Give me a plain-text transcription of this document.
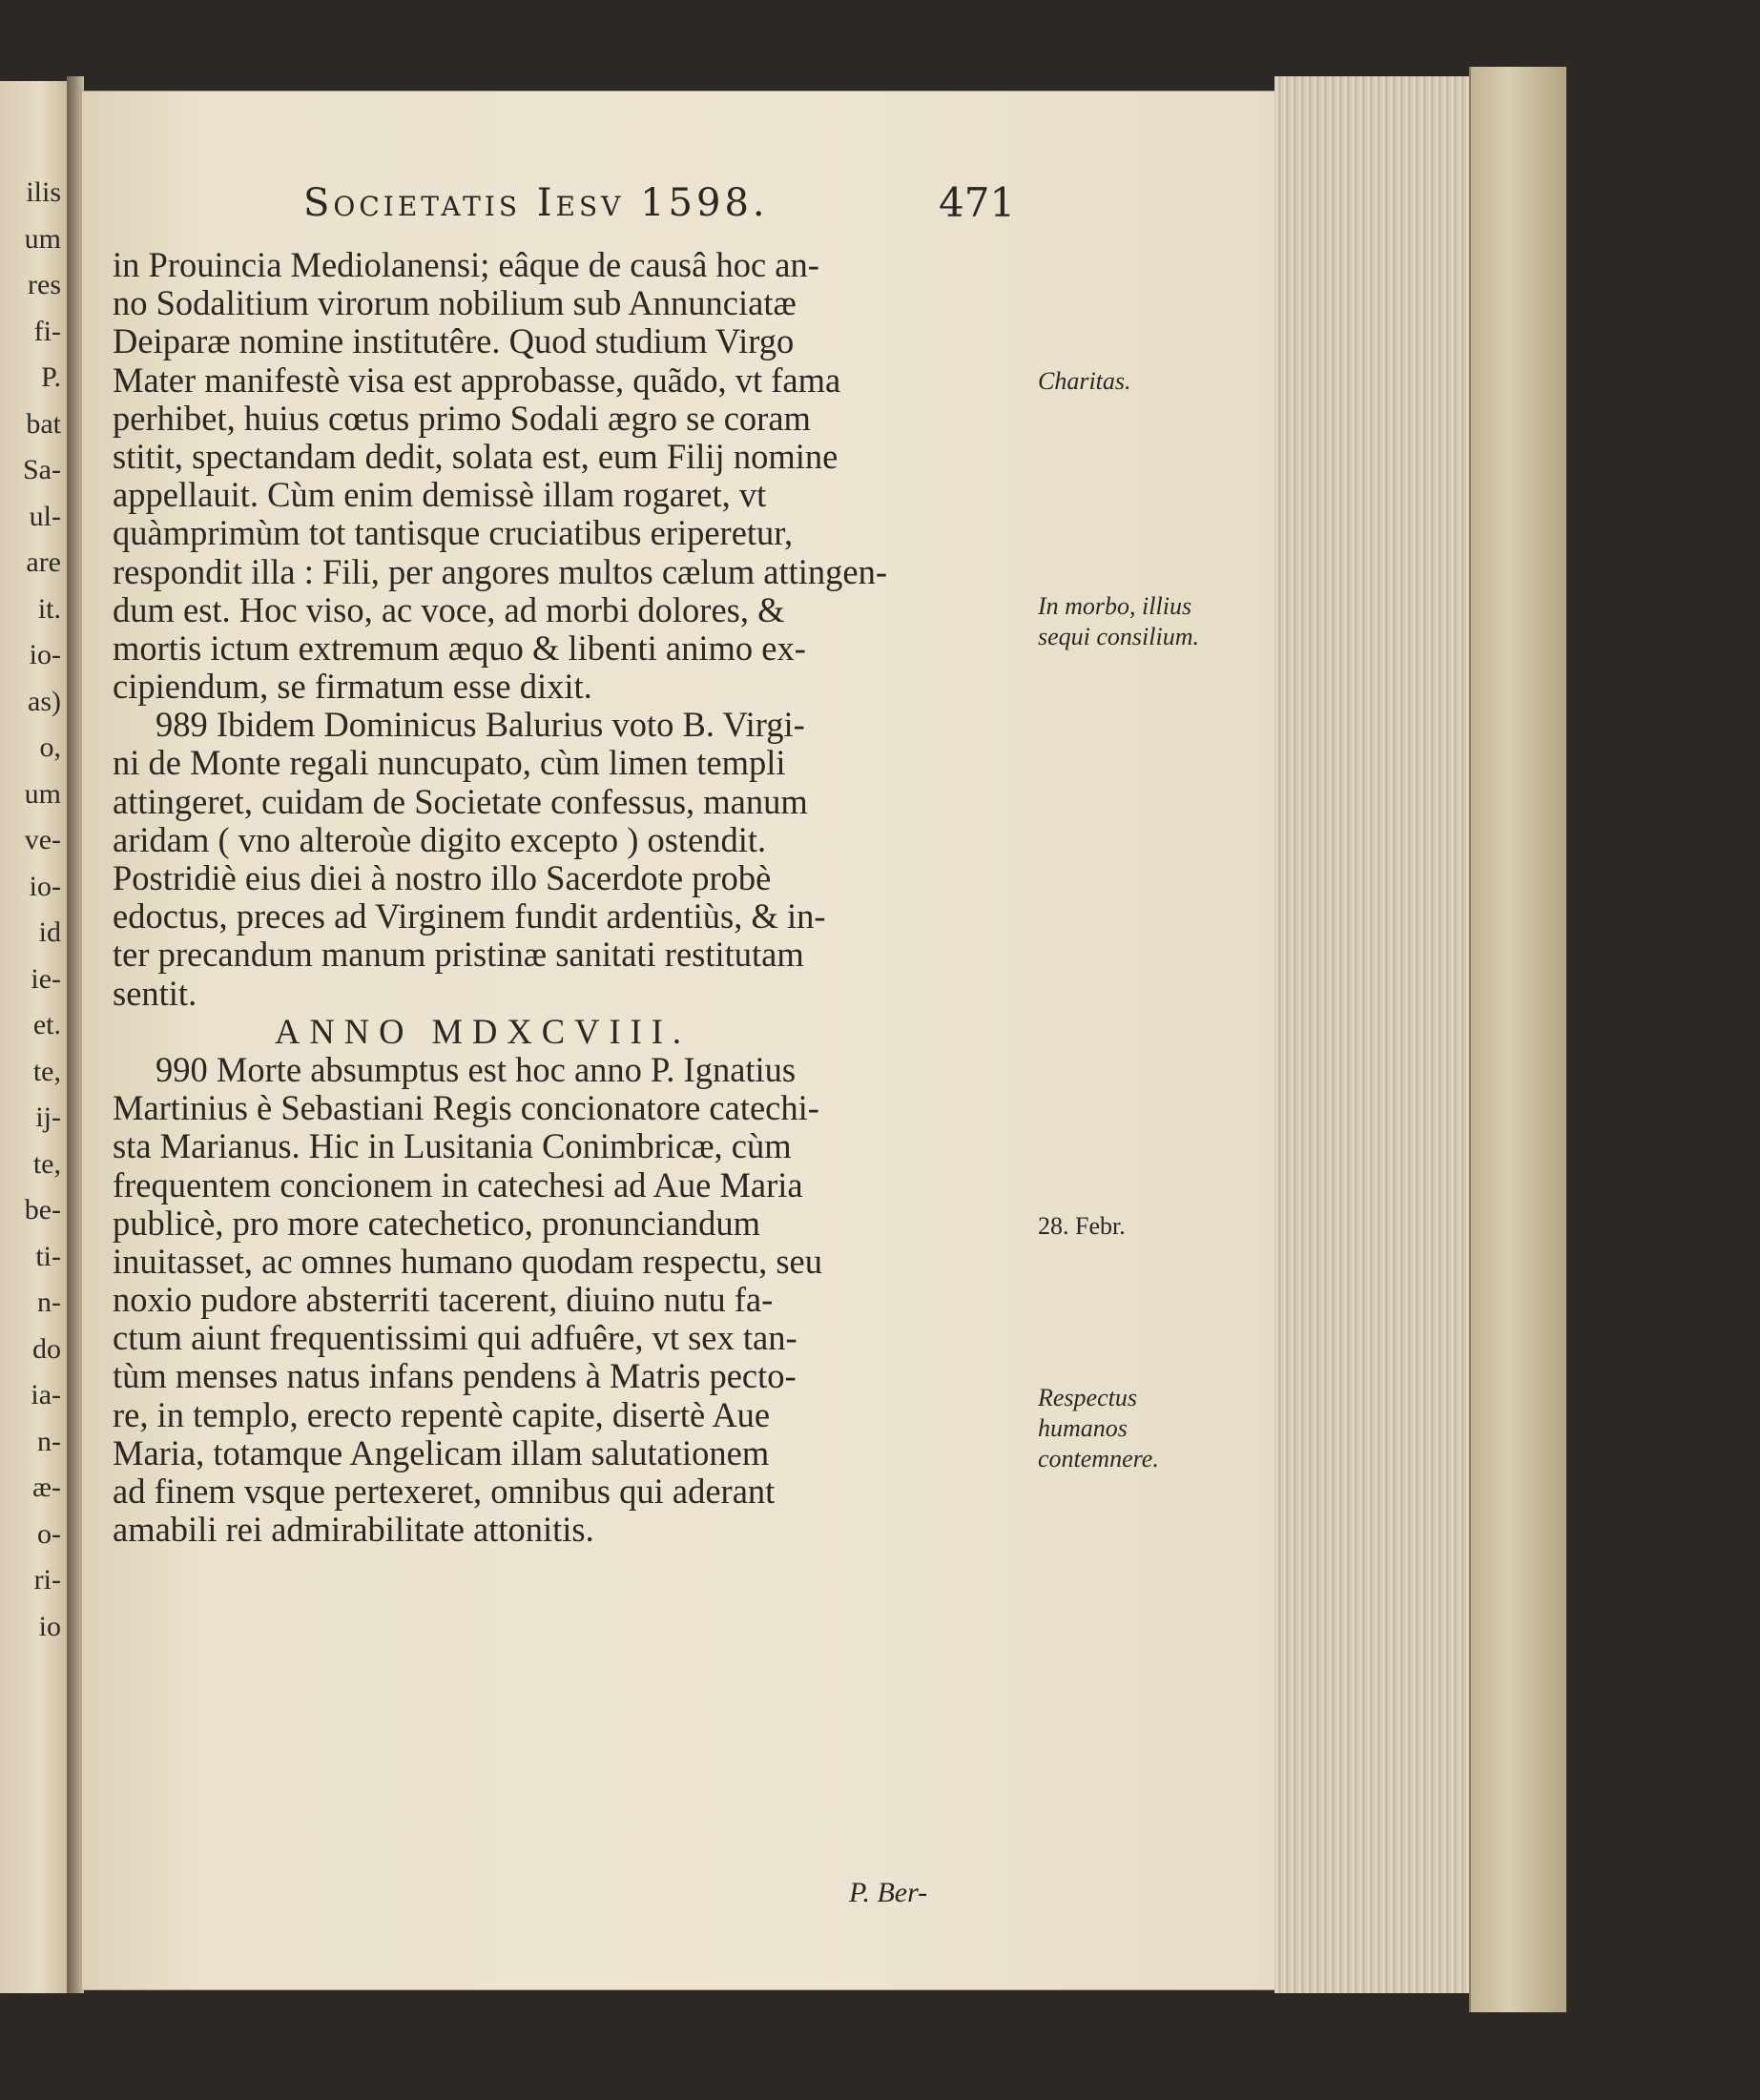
ilis
um
res
fi-
P.
bat
Sa-
ul-
are
it.
io-
as)
o,
um
ve-
io-
id
ie-
et.
te,
ij-
te,
be-
ti-
n-
do
ia-
n-
æ-
o-
ri-
io
Societatis Iesv 1598.	471
in Prouincia Mediolanensi; eâque de causâ hoc an-
no Sodalitium virorum nobilium sub Annunciatæ
Deiparæ nomine institutêre. Quod studium Virgo
Mater manifestè visa est approbasse, quãdo, vt fama
perhibet, huius cœtus primo Sodali ægro se coram
stitit, spectandam dedit, solata est, eum Filij nomine
appellauit. Cùm enim demissè illam rogaret, vt
quàmprimùm tot tantisque cruciatibus eriperetur,
respondit illa : Fili, per angores multos cælum attingen-
dum est. Hoc viso, ac voce, ad morbi dolores, &
mortis ictum extremum æquo & libenti animo ex-
cipiendum, se firmatum esse dixit.
989 Ibidem Dominicus Balurius voto B. Virgi-
ni de Monte regali nuncupato, cùm limen templi
attingeret, cuidam de Societate confessus, manum
aridam ( vno alteroùe digito excepto ) ostendit.
Postridiè eius diei à nostro illo Sacerdote probè
edoctus, preces ad Virginem fundit ardentiùs, & in-
ter precandum manum pristinæ sanitati restitutam
sentit.
ANNO MDXCVIII.
990 Morte absumptus est hoc anno P. Ignatius
Martinius è Sebastiani Regis concionatore catechi-
sta Marianus. Hic in Lusitania Conimbricæ, cùm
frequentem concionem in catechesi ad Aue Maria
publicè, pro more catechetico, pronunciandum
inuitasset, ac omnes humano quodam respectu, seu
noxio pudore absterriti tacerent, diuino nutu fa-
ctum aiunt frequentissimi qui adfuêre, vt sex tan-
tùm menses natus infans pendens à Matris pecto-
re, in templo, erecto repentè capite, disertè Aue
Maria, totamque Angelicam illam salutationem
ad finem vsque pertexeret, omnibus qui aderant
amabili rei admirabilitate attonitis.
Charitas.
In morbo, illius sequi consilium.
28. Febr.
Respectus humanos contemnere.
P. Ber-
